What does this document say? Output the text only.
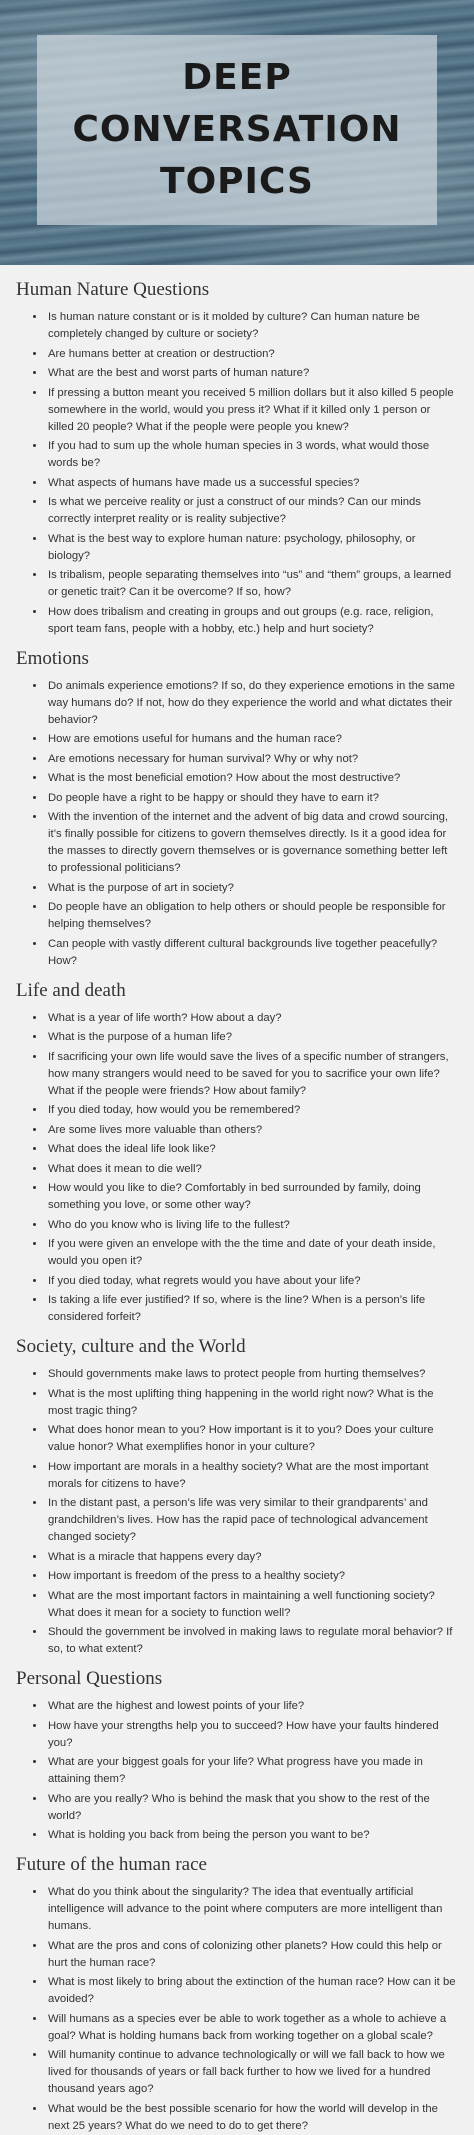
DEEP
CONVERSATION
TOPICS
Human Nature Questions
• Is human nature constant or is it molded by culture? Can human nature be completely changed by culture or society?
• Are humans better at creation or destruction?
• What are the best and worst parts of human nature?
• If pressing a button meant you received 5 million dollars but it also killed 5 people somewhere in the world, would you press it? What if it killed only 1 person or killed 20 people? What if the people were people you knew?
• If you had to sum up the whole human species in 3 words, what would those words be?
• What aspects of humans have made us a successful species?
• Is what we perceive reality or just a construct of our minds? Can our minds correctly interpret reality or is reality subjective?
• What is the best way to explore human nature: psychology, philosophy, or biology?
• Is tribalism, people separating themselves into “us” and “them” groups, a learned or genetic trait? Can it be overcome? If so, how?
• How does tribalism and creating in groups and out groups (e.g. race, religion, sport team fans, people with a hobby, etc.) help and hurt society?
Emotions
• Do animals experience emotions? If so, do they experience emotions in the same way humans do? If not, how do they experience the world and what dictates their behavior?
• How are emotions useful for humans and the human race?
• Are emotions necessary for human survival? Why or why not?
• What is the most beneficial emotion? How about the most destructive?
• Do people have a right to be happy or should they have to earn it?
• With the invention of the internet and the advent of big data and crowd sourcing, it’s finally possible for citizens to govern themselves directly. Is it a good idea for the masses to directly govern themselves or is governance something better left to professional politicians?
• What is the purpose of art in society?
• Do people have an obligation to help others or should people be responsible for helping themselves?
• Can people with vastly different cultural backgrounds live together peacefully? How?
Life and death
• What is a year of life worth? How about a day?
• What is the purpose of a human life?
• If sacrificing your own life would save the lives of a specific number of strangers, how many strangers would need to be saved for you to sacrifice your own life? What if the people were friends? How about family?
• If you died today, how would you be remembered?
• Are some lives more valuable than others?
• What does the ideal life look like?
• What does it mean to die well?
• How would you like to die? Comfortably in bed surrounded by family, doing something you love, or some other way?
• Who do you know who is living life to the fullest?
• If you were given an envelope with the the time and date of your death inside, would you open it?
• If you died today, what regrets would you have about your life?
• Is taking a life ever justified? If so, where is the line? When is a person’s life considered forfeit?
Society, culture and the World
• Should governments make laws to protect people from hurting themselves?
• What is the most uplifting thing happening in the world right now? What is the most tragic thing?
• What does honor mean to you? How important is it to you? Does your culture value honor? What exemplifies honor in your culture?
• How important are morals in a healthy society? What are the most important morals for citizens to have?
• In the distant past, a person’s life was very similar to their grandparents’ and grandchildren’s lives. How has the rapid pace of technological advancement changed society?
• What is a miracle that happens every day?
• How important is freedom of the press to a healthy society?
• What are the most important factors in maintaining a well functioning society? What does it mean for a society to function well?
• Should the government be involved in making laws to regulate moral behavior? If so, to what extent?
Personal Questions
• What are the highest and lowest points of your life?
• How have your strengths help you to succeed? How have your faults hindered you?
• What are your biggest goals for your life? What progress have you made in attaining them?
• Who are you really? Who is behind the mask that you show to the rest of the world?
• What is holding you back from being the person you want to be?
Future of the human race
• What do you think about the singularity? The idea that eventually artificial intelligence will advance to the point where computers are more intelligent than humans.
• What are the pros and cons of colonizing other planets? How could this help or hurt the human race?
• What is most likely to bring about the extinction of the human race? How can it be avoided?
• Will humans as a species ever be able to work together as a whole to achieve a goal? What is holding humans back from working together on a global scale?
• Will humanity continue to advance technologically or will we fall back to how we lived for thousands of years or fall back further to how we lived for a hundred thousand years ago?
• What would be the best possible scenario for how the world will develop in the next 25 years? What do we need to do to get there?
